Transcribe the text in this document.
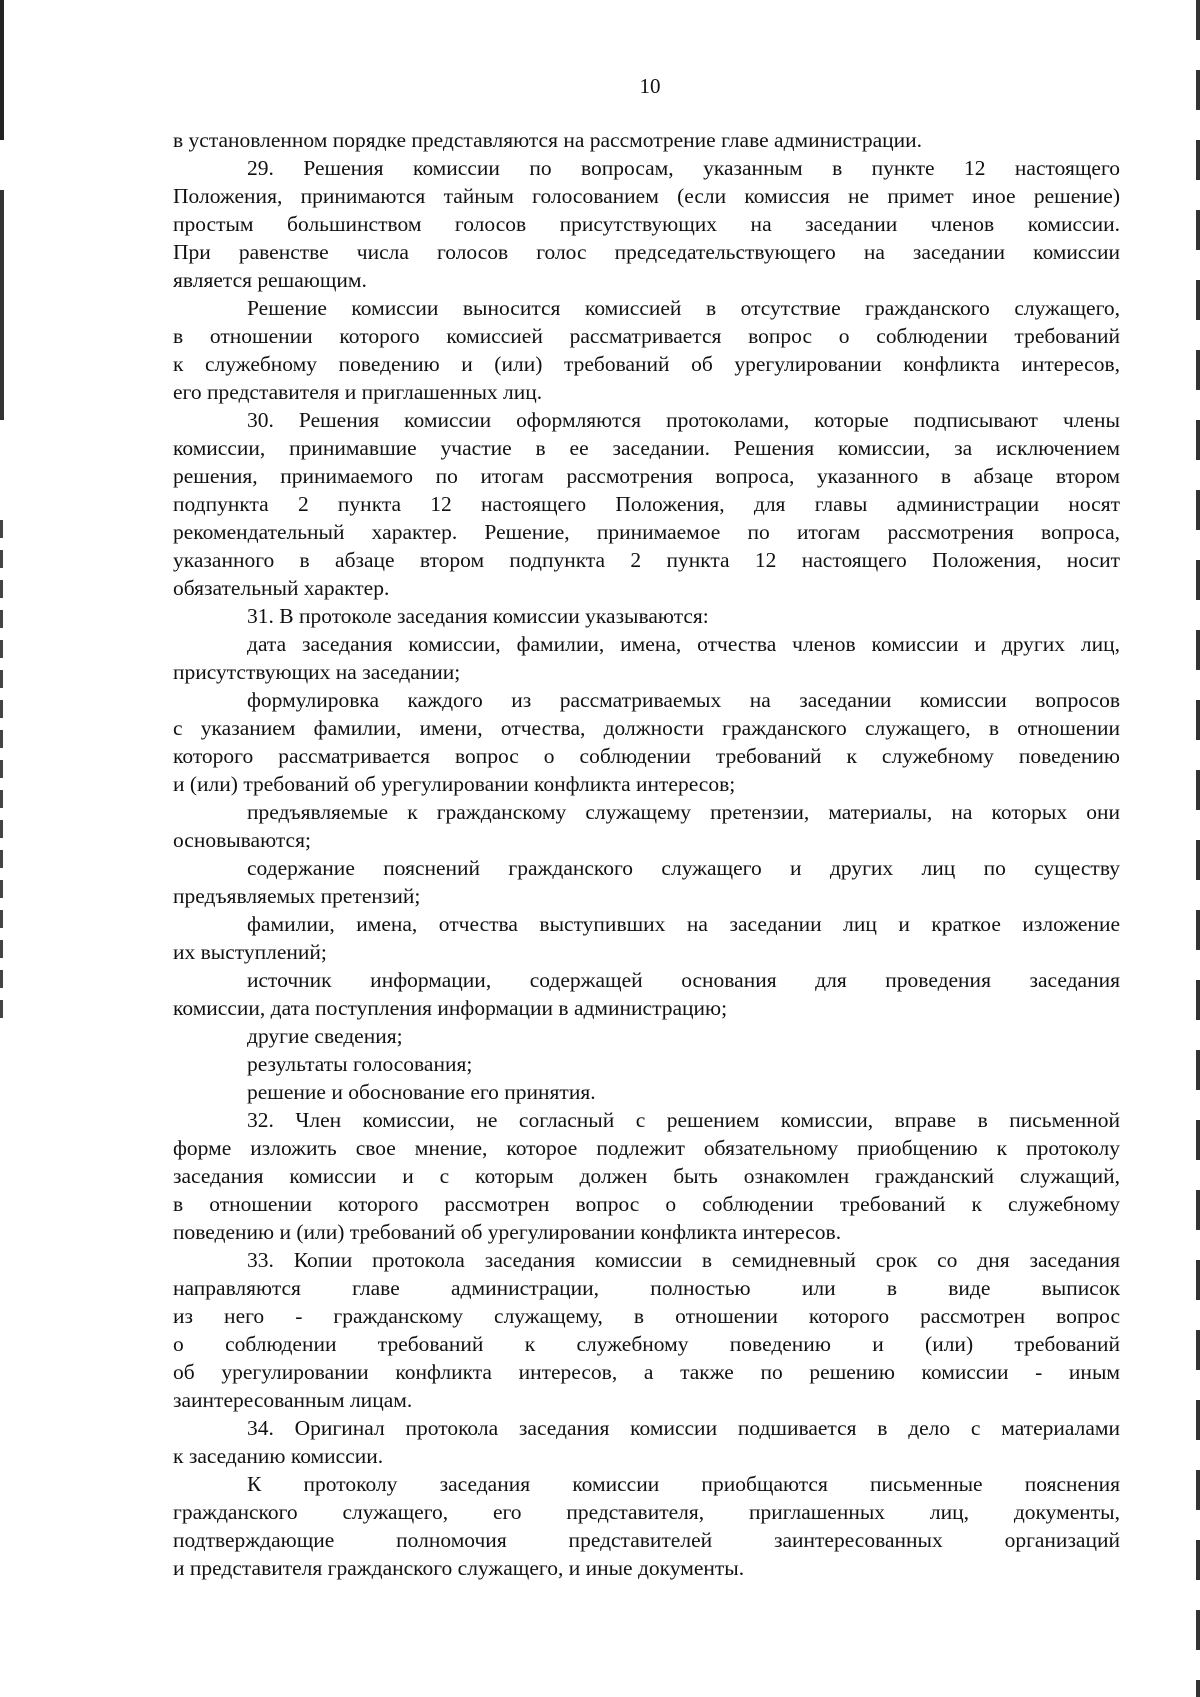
10
в установленном порядке представляются на рассмотрение главе администрации.
29. Решения комиссии по вопросам, указанным в пункте 12 настоящего
Положения, принимаются тайным голосованием (если комиссия не примет иное решение)
простым большинством голосов присутствующих на заседании членов комиссии.
При равенстве числа голосов голос председательствующего на заседании комиссии
является решающим.
Решение комиссии выносится комиссией в отсутствие гражданского служащего,
в отношении которого комиссией рассматривается вопрос о соблюдении требований
к служебному поведению и (или) требований об урегулировании конфликта интересов,
его представителя и приглашенных лиц.
30. Решения комиссии оформляются протоколами, которые подписывают члены
комиссии, принимавшие участие в ее заседании. Решения комиссии, за исключением
решения, принимаемого по итогам рассмотрения вопроса, указанного в абзаце втором
подпункта 2 пункта 12 настоящего Положения, для главы администрации носят
рекомендательный характер. Решение, принимаемое по итогам рассмотрения вопроса,
указанного в абзаце втором подпункта 2 пункта 12 настоящего Положения, носит
обязательный характер.
31. В протоколе заседания комиссии указываются:
дата заседания комиссии, фамилии, имена, отчества членов комиссии и других лиц,
присутствующих на заседании;
формулировка каждого из рассматриваемых на заседании комиссии вопросов
с указанием фамилии, имени, отчества, должности гражданского служащего, в отношении
которого рассматривается вопрос о соблюдении требований к служебному поведению
и (или) требований об урегулировании конфликта интересов;
предъявляемые к гражданскому служащему претензии, материалы, на которых они
основываются;
содержание пояснений гражданского служащего и других лиц по существу
предъявляемых претензий;
фамилии, имена, отчества выступивших на заседании лиц и краткое изложение
их выступлений;
источник информации, содержащей основания для проведения заседания
комиссии, дата поступления информации в администрацию;
другие сведения;
результаты голосования;
решение и обоснование его принятия.
32. Член комиссии, не согласный с решением комиссии, вправе в письменной
форме изложить свое мнение, которое подлежит обязательному приобщению к протоколу
заседания комиссии и с которым должен быть ознакомлен гражданский служащий,
в отношении которого рассмотрен вопрос о соблюдении требований к служебному
поведению и (или) требований об урегулировании конфликта интересов.
33. Копии протокола заседания комиссии в семидневный срок со дня заседания
направляются главе администрации, полностью или в виде выписок
из него - гражданскому служащему, в отношении которого рассмотрен вопрос
о соблюдении требований к служебному поведению и (или) требований
об урегулировании конфликта интересов, а также по решению комиссии - иным
заинтересованным лицам.
34. Оригинал протокола заседания комиссии подшивается в дело с материалами
к заседанию комиссии.
К протоколу заседания комиссии приобщаются письменные пояснения
гражданского служащего, его представителя, приглашенных лиц, документы,
подтверждающие полномочия представителей заинтересованных организаций
и представителя гражданского служащего, и иные документы.
